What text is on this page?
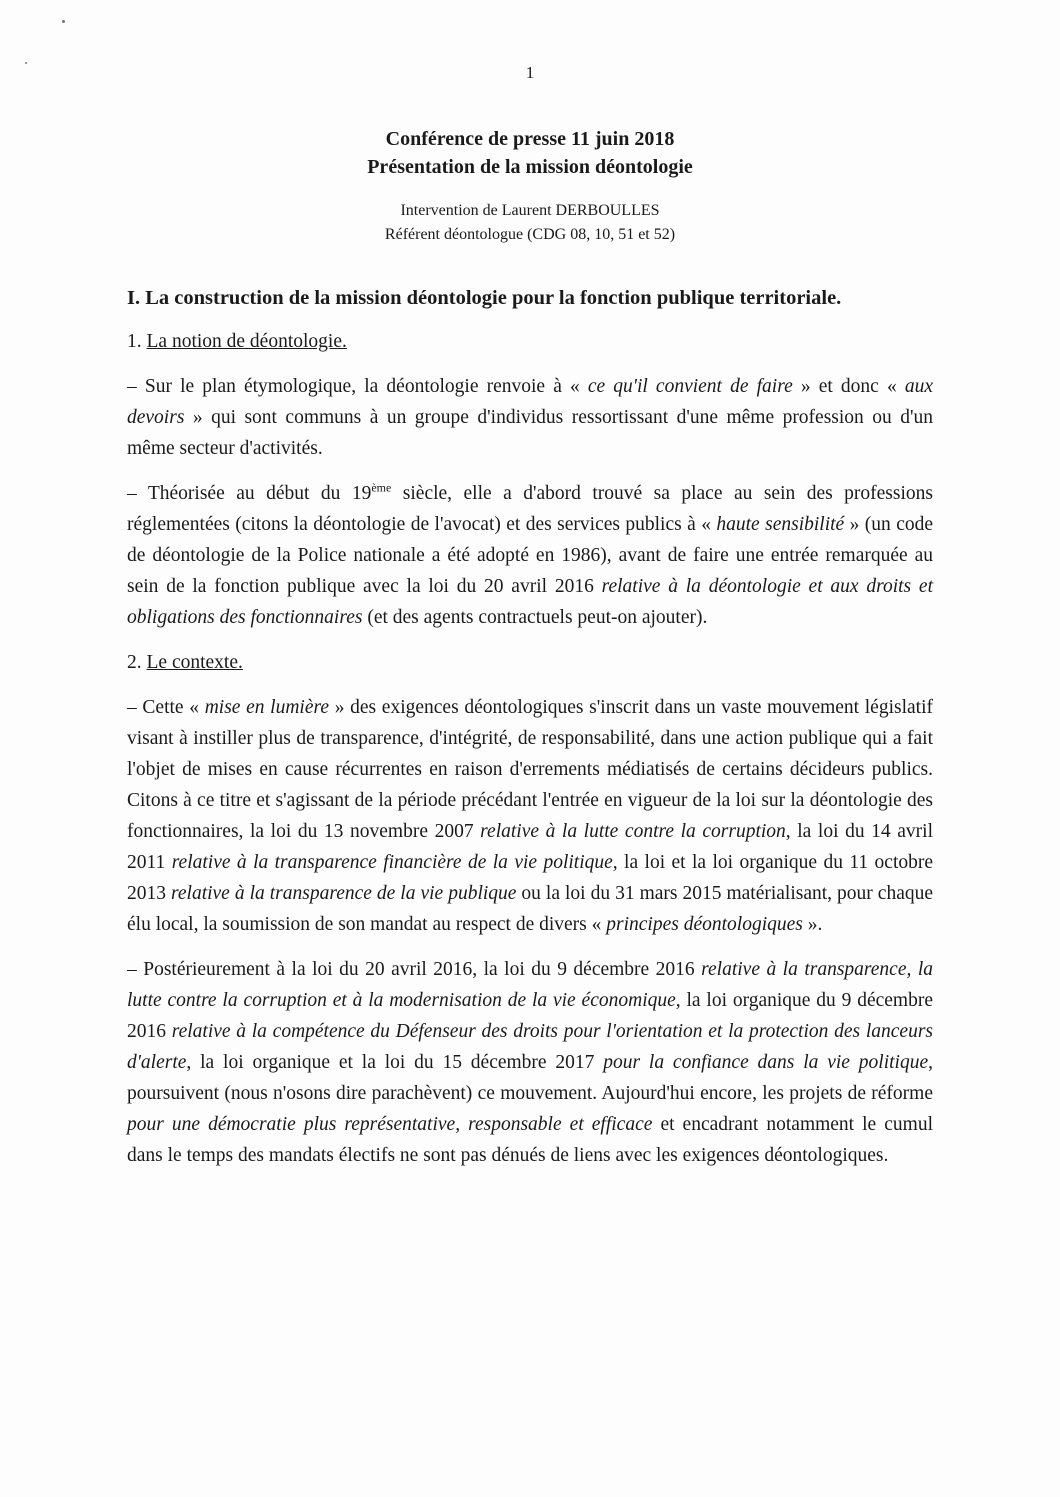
1
Conférence de presse 11 juin 2018
Présentation de la mission déontologie
Intervention de Laurent DERBOULLES
Référent déontologue (CDG 08, 10, 51 et 52)
I. La construction de la mission déontologie pour la fonction publique territoriale.
1. La notion de déontologie.
– Sur le plan étymologique, la déontologie renvoie à « ce qu'il convient de faire » et donc « aux devoirs » qui sont communs à un groupe d'individus ressortissant d'une même profession ou d'un même secteur d'activités.
– Théorisée au début du 19ème siècle, elle a d'abord trouvé sa place au sein des professions réglementées (citons la déontologie de l'avocat) et des services publics à « haute sensibilité » (un code de déontologie de la Police nationale a été adopté en 1986), avant de faire une entrée remarquée au sein de la fonction publique avec la loi du 20 avril 2016 relative à la déontologie et aux droits et obligations des fonctionnaires (et des agents contractuels peut-on ajouter).
2. Le contexte.
– Cette « mise en lumière » des exigences déontologiques s'inscrit dans un vaste mouvement législatif visant à instiller plus de transparence, d'intégrité, de responsabilité, dans une action publique qui a fait l'objet de mises en cause récurrentes en raison d'errements médiatisés de certains décideurs publics. Citons à ce titre et s'agissant de la période précédant l'entrée en vigueur de la loi sur la déontologie des fonctionnaires, la loi du 13 novembre 2007 relative à la lutte contre la corruption, la loi du 14 avril 2011 relative à la transparence financière de la vie politique, la loi et la loi organique du 11 octobre 2013 relative à la transparence de la vie publique ou la loi du 31 mars 2015 matérialisant, pour chaque élu local, la soumission de son mandat au respect de divers « principes déontologiques ».
– Postérieurement à la loi du 20 avril 2016, la loi du 9 décembre 2016 relative à la transparence, la lutte contre la corruption et à la modernisation de la vie économique, la loi organique du 9 décembre 2016 relative à la compétence du Défenseur des droits pour l'orientation et la protection des lanceurs d'alerte, la loi organique et la loi du 15 décembre 2017 pour la confiance dans la vie politique, poursuivent (nous n'osons dire parachèvent) ce mouvement. Aujourd'hui encore, les projets de réforme pour une démocratie plus représentative, responsable et efficace et encadrant notamment le cumul dans le temps des mandats électifs ne sont pas dénués de liens avec les exigences déontologiques.
